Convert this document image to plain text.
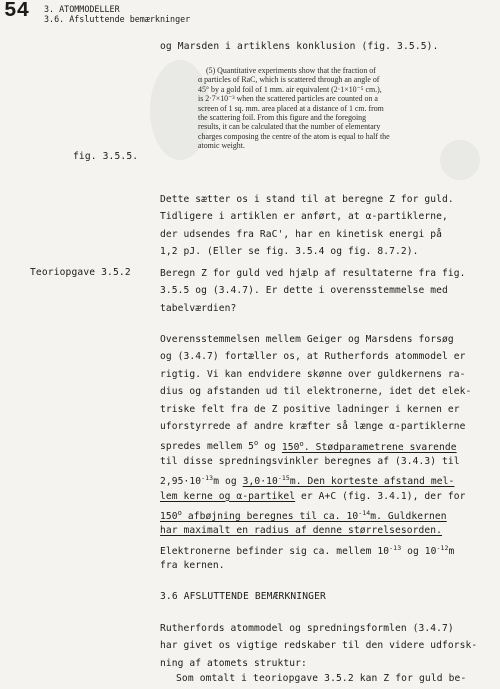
54 3. ATOMMODELLER
3.6. Afsluttende bemærkninger
og Marsden i artiklens konklusion (fig. 3.5.5).
(5) Quantitative experiments show that the fraction of
α particles of RaC, which is scattered through an angle of
45° by a gold foil of 1 mm. air equivalent (2·1×10⁻⁵ cm.),
is 2·7×10⁻³ when the scattered particles are counted on a
screen of 1 sq. mm. area placed at a distance of 1 cm. from
the scattering foil. From this figure and the foregoing
results, it can be calculated that the number of elementary
charges composing the centre of the atom is equal to half the
atomic weight.
fig. 3.5.5.
Dette sætter os i stand til at beregne Z for guld.
Tidligere i artiklen er anført, at α-partiklerne,
der udsendes fra RaC', har en kinetisk energi på
1,2 pJ. (Eller se fig. 3.5.4 og fig. 8.7.2).
Teoriopgave 3.5.2	Beregn Z for guld ved hjælp af resultaterne fra fig.
3.5.5 og (3.4.7). Er dette i overensstemmelse med
tabelværdien?
Overensstemmelsen mellem Geiger og Marsdens forsøg
og (3.4.7) fortæller os, at Rutherfords atommodel er
rigtig. Vi kan endvidere skønne over guldkernens ra-
dius og afstanden ud til elektronerne, idet det elek-
triske felt fra de Z positive ladninger i kernen er
uforstyrrede af andre kræfter så længe α-partiklerne
spredes mellem 5$^o$ og 150$^o$. Stødparametrene svarende
til disse spredningsvinkler beregnes af (3.4.3) til
$2,95\cdot 10^{-13}m$ og $3,0\cdot 10^{-15}m$. Den korteste afstand mel-
lem kerne og α-partikel er A+C (fig. 3.4.1), der for
150$^o$ afbøjning beregnes til ca. $10^{-14}m$. Guldkernen
har maximalt en radius af denne størrelsesorden.
Elektronerne befinder sig ca. mellem $10^{-13}$ og $10^{-12}m$
fra kernen.
3.6 AFSLUTTENDE BEMÆRKNINGER
Rutherfords atommodel og spredningsformlen (3.4.7)
har givet os vigtige redskaber til den videre udforsk-
ning af atomets struktur:
Som omtalt i teoriopgave 3.5.2 kan Z for guld be-
